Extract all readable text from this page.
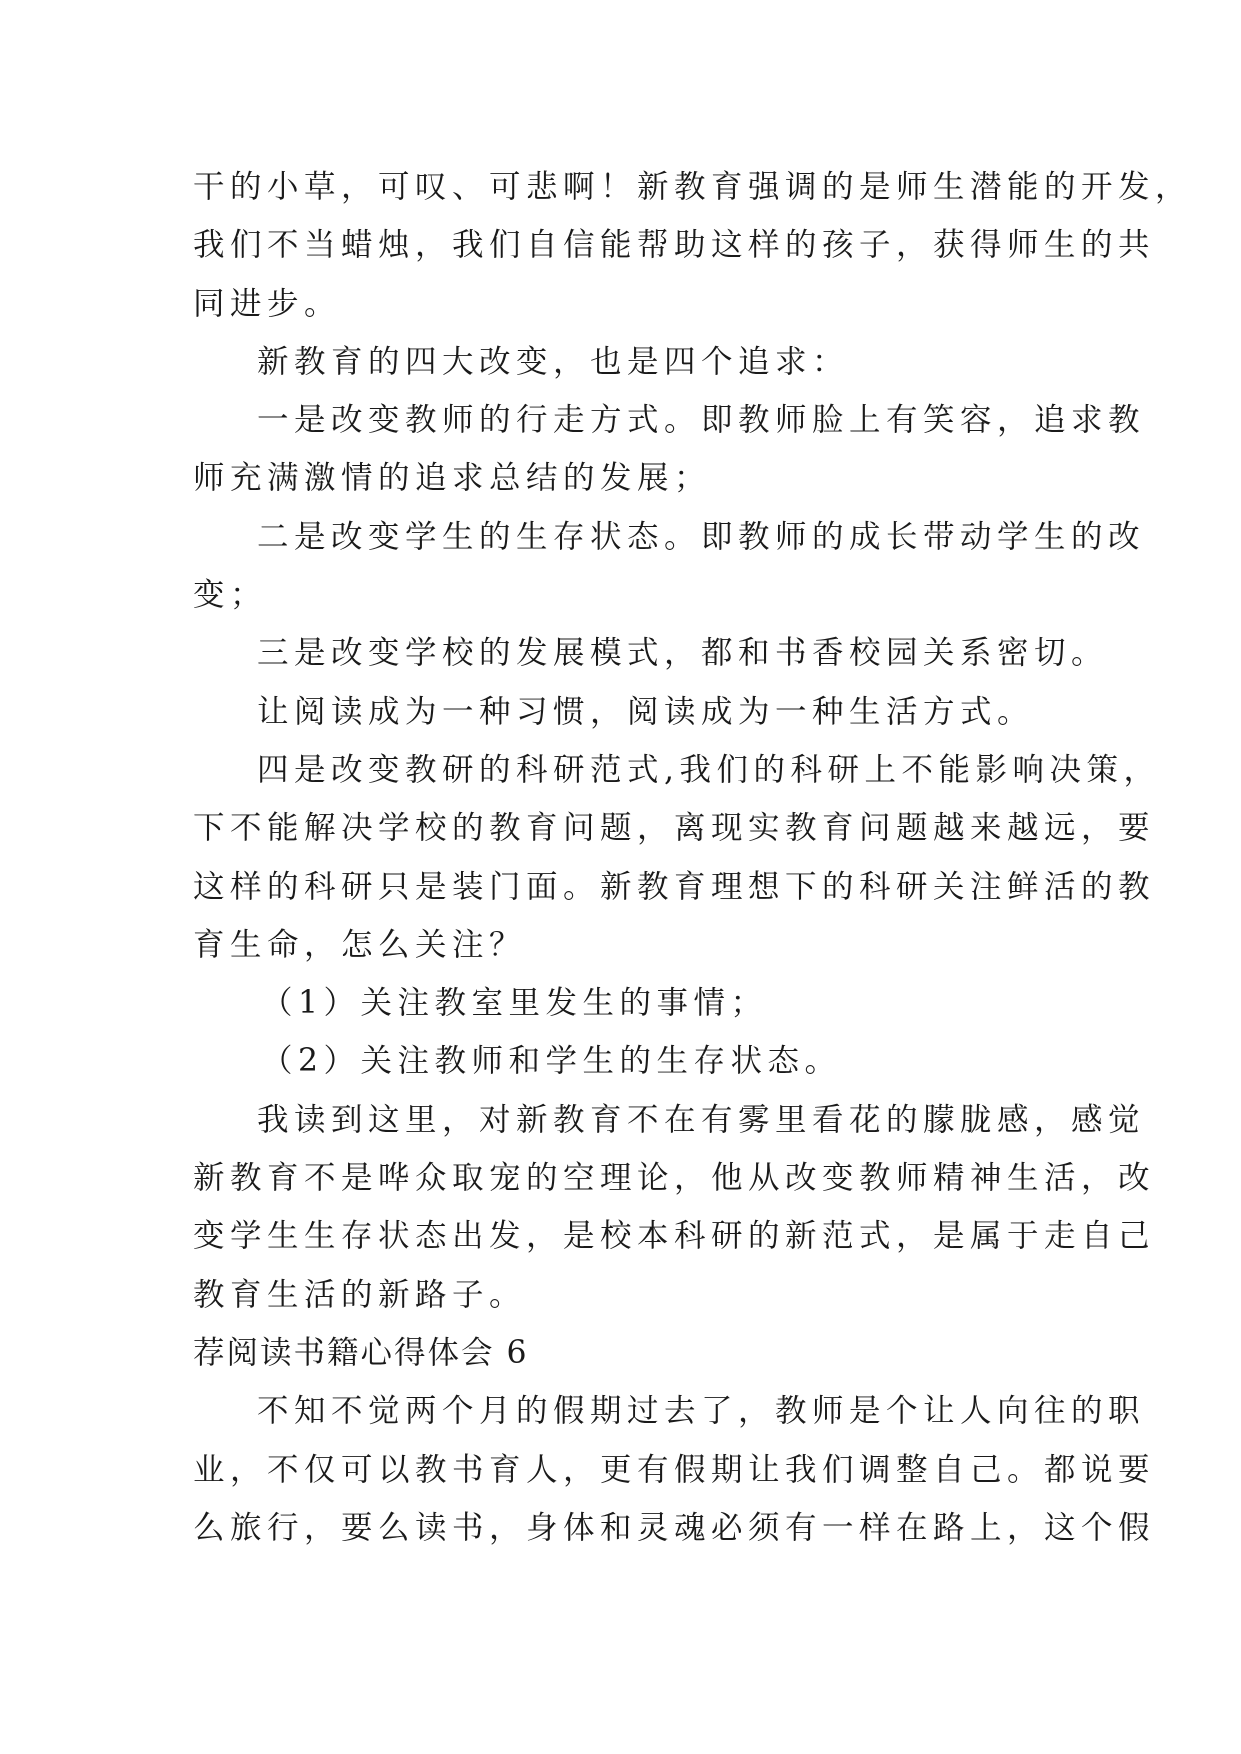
干的小草，可叹、可悲啊！新教育强调的是师生潜能的开发，
我们不当蜡烛，我们自信能帮助这样的孩子，获得师生的共
同进步。
新教育的四大改变，也是四个追求：
一是改变教师的行走方式。即教师脸上有笑容，追求教
师充满激情的追求总结的发展；
二是改变学生的生存状态。即教师的成长带动学生的改
变；
三是改变学校的发展模式，都和书香校园关系密切。
让阅读成为一种习惯，阅读成为一种生活方式。
四是改变教研的科研范式,我们的科研上不能影响决策，
下不能解决学校的教育问题，离现实教育问题越来越远，要
这样的科研只是装门面。新教育理想下的科研关注鲜活的教
育生命，怎么关注？
（1）关注教室里发生的事情；
（2）关注教师和学生的生存状态。
我读到这里，对新教育不在有雾里看花的朦胧感，感觉
新教育不是哗众取宠的空理论，他从改变教师精神生活，改
变学生生存状态出发，是校本科研的新范式，是属于走自己
教育生活的新路子。
荐阅读书籍心得体会 6
不知不觉两个月的假期过去了，教师是个让人向往的职
业，不仅可以教书育人，更有假期让我们调整自己。都说要
么旅行，要么读书，身体和灵魂必须有一样在路上，这个假
